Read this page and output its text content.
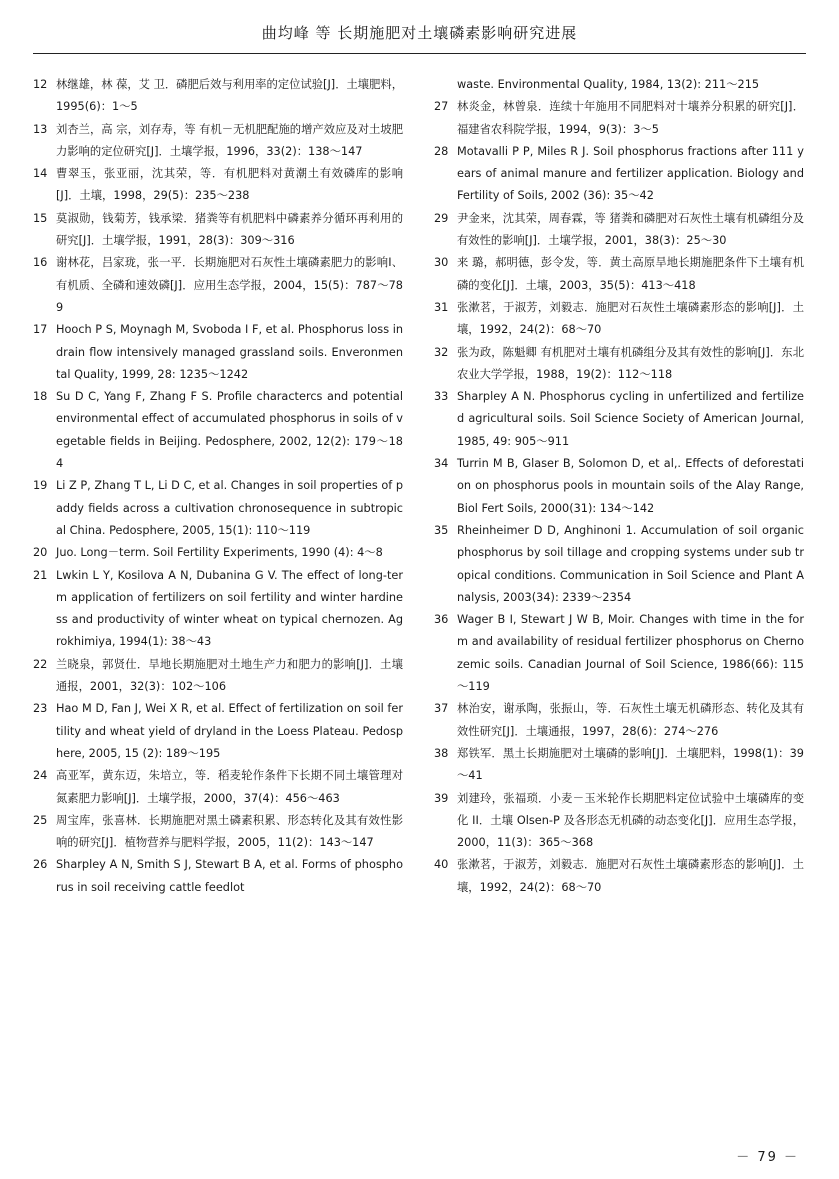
曲均峰 等 长期施肥对土壤磷素影响研究进展

12 林继雄，林 葆，艾 卫．磷肥后效与利用率的定位试验[J]．土壤肥料，1995(6)：1～5

13 刘杏兰，高 宗，刘存寿，等 有机－无机肥配施的增产效应及对土坡肥力影响的定位研究[J]．土壤学报，1996，33(2)：138～147

14 曹翠玉，张亚丽，沈其荣，等．有机肥料对黄潮土有效磷库的影响[J]．土壤，1998，29(5)：235～238

15 莫淑勋，钱菊芳，钱承梁．猪粪等有机肥料中磷素养分循环再利用的研究[J]．土壤学报，1991，28(3)：309～316

16 谢林花，吕家珑，张一平．长期施肥对石灰性土壤磷素肥力的影响Ⅰ、有机质、全磷和速效磷[J]．应用生态学报，2004，15(5)：787～789

17 Hooch P S, Moynagh M, Svoboda I F, et al. Phosphorus loss in drain flow intensively managed grassland soils. Enveronmental Quality, 1999, 28: 1235～1242

18 Su D C, Yang F, Zhang F S. Profile charactercs and potential environmental effect of accumulated phosphorus in soils of vegetable fields in Beijing. Pedosphere, 2002, 12(2): 179～184

19 Li Z P, Zhang T L, Li D C, et al. Changes in soil properties of paddy fields across a cultivation chronosequence in subtropical China. Pedosphere, 2005, 15(1): 110～119

20 Juo. Long－term. Soil Fertility Experiments, 1990 (4): 4～8

21 Lwkin L Y, Kosilova A N, Dubanina G V. The effect of long-term application of fertilizers on soil fertility and winter hardiness and productivity of winter wheat on typical chernozen. Agrokhimiya, 1994(1): 38～43

22 兰晓泉，郭贤仕．旱地长期施肥对土地生产力和肥力的影响[J]．土壤通报，2001，32(3)：102～106

23 Hao M D, Fan J, Wei X R, et al. Effect of fertilization on soil fertility and wheat yield of dryland in the Loess Plateau. Pedosphere, 2005, 15 (2): 189～195

24 高亚军，黄东迈，朱培立，等．稻麦轮作条件下长期不同土壤管理对氮素肥力影响[J]．土壤学报，2000，37(4)：456～463

25 周宝库，张喜林．长期施肥对黑土磷素积累、形态转化及其有效性影响的研究[J]．植物营养与肥料学报，2005，11(2)：143～147

26 Sharpley A N, Smith S J, Stewart B A, et al. Forms of phosphorus in soil receiving cattle feedlot

waste. Environmental Quality, 1984, 13(2): 211～215

27 林炎金，林曾泉．连续十年施用不同肥料对十壤养分积累的研究[J]．福建省农科院学报，1994，9(3)：3～5

28 Motavalli P P, Miles R J. Soil phosphorus fractions after 111 years of animal manure and fertilizer application. Biology and Fertility of Soils, 2002 (36): 35～42

29 尹金来，沈其荣，周春霖，等 猪粪和磷肥对石灰性土壤有机磷组分及有效性的影响[J]．土壤学报，2001，38(3)：25～30

30 来 璐，郝明德，彭令发，等．黄土高原旱地长期施肥条件下土壤有机磷的变化[J]．土壤，2003，35(5)：413～418

31 张漱茗，于淑芳，刘毅志．施肥对石灰性土壤磷素形态的影响[J]．土壤，1992，24(2)：68～70

32 张为政，陈魁卿 有机肥对土壤有机磷组分及其有效性的影响[J]．东北农业大学学报，1988，19(2)：112～118

33 Sharpley A N. Phosphorus cycling in unfertilized and fertilized agricultural soils. Soil Science Society of American Journal, 1985, 49: 905～911

34 Turrin M B, Glaser B, Solomon D, et al,. Effects of deforestation on phosphorus pools in mountain soils of the Alay Range, Biol Fert Soils, 2000(31): 134～142

35 Rheinheimer D D, Anghinoni 1. Accumulation of soil organic phosphorus by soil tillage and cropping systems under sub tropical conditions. Communication in Soil Science and Plant Analysis, 2003(34): 2339～2354

36 Wager B I, Stewart J W B, Moir. Changes with time in the form and availability of residual fertilizer phosphorus on Chernozemic soils. Canadian Journal of Soil Science, 1986(66): 115～119

37 林治安，谢承陶，张振山，等．石灰性土壤无机磷形态、转化及其有效性研究[J]．土壤通报，1997，28(6)：274～276

38 郑铁军．黑土长期施肥对土壤磷的影响[J]．土壤肥料，1998(1)：39～41

39 刘建玲，张福琐．小麦－玉米轮作长期肥料定位试验中土壤磷库的变化 II．土壤 Olsen-P 及各形态无机磷的动态变化[J]．应用生态学报，2000，11(3)：365～368

40 张漱茗，于淑芳，刘毅志．施肥对石灰性土壤磷素形态的影响[J]．土壤，1992，24(2)：68～70

－ 79 －
